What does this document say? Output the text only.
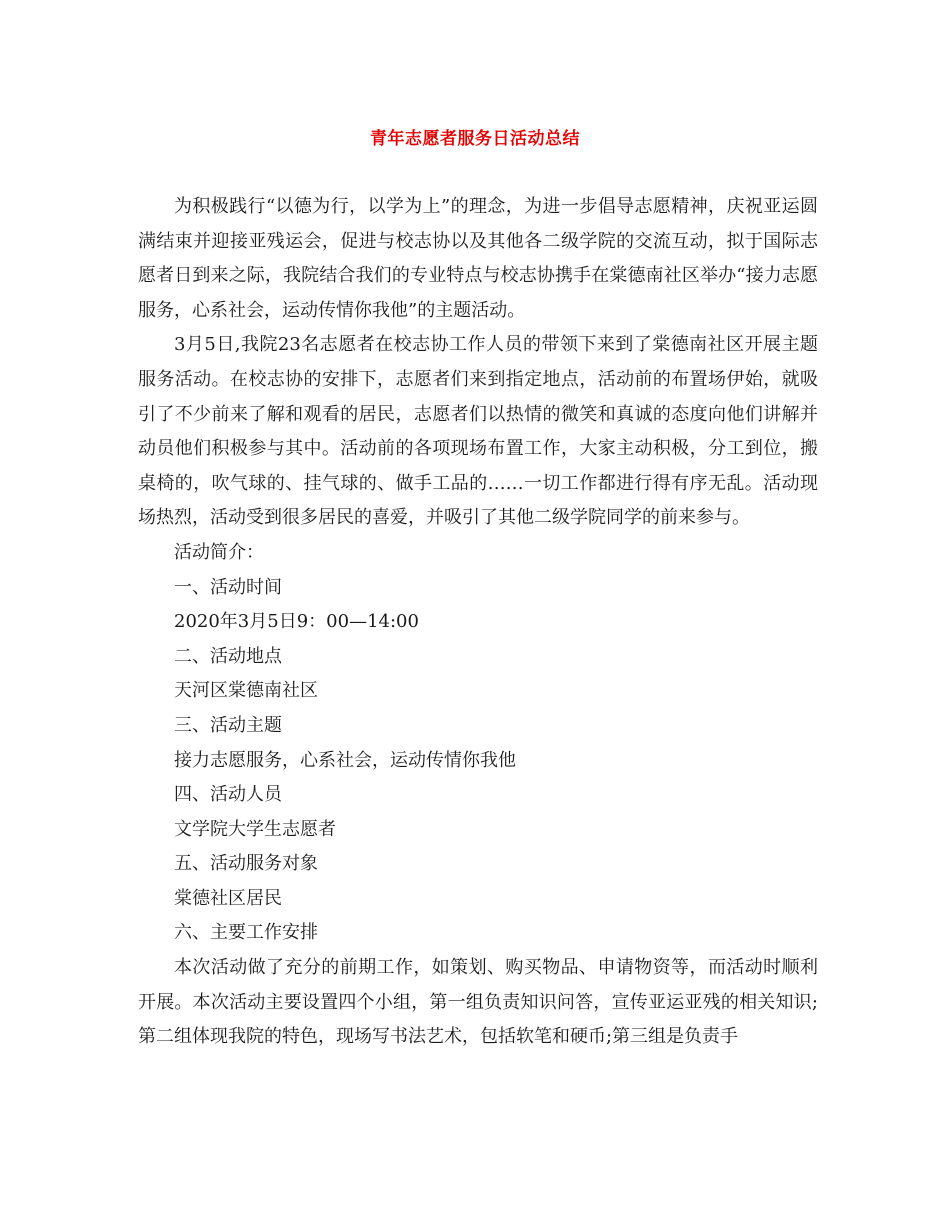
青年志愿者服务日活动总结

为积极践行“以德为行，以学为上”的理念，为进一步倡导志愿精神，庆祝亚运圆满结束并迎接亚残运会，促进与校志协以及其他各二级学院的交流互动，拟于国际志愿者日到来之际，我院结合我们的专业特点与校志协携手在棠德南社区举办“接力志愿服务，心系社会，运动传情你我他”的主题活动。

3月5日,我院23名志愿者在校志协工作人员的带领下来到了棠德南社区开展主题服务活动。在校志协的安排下，志愿者们来到指定地点，活动前的布置场伊始，就吸引了不少前来了解和观看的居民，志愿者们以热情的微笑和真诚的态度向他们讲解并动员他们积极参与其中。活动前的各项现场布置工作，大家主动积极，分工到位，搬桌椅的，吹气球的、挂气球的、做手工品的……一切工作都进行得有序无乱。活动现场热烈，活动受到很多居民的喜爱，并吸引了其他二级学院同学的前来参与。

活动简介：

一、活动时间

2020年3月5日9：00—14:00

二、活动地点

天河区棠德南社区

三、活动主题

接力志愿服务，心系社会，运动传情你我他

四、活动人员

文学院大学生志愿者

五、活动服务对象

棠德社区居民

六、主要工作安排

本次活动做了充分的前期工作，如策划、购买物品、申请物资等，而活动时顺利开展。本次活动主要设置四个小组，第一组负责知识问答，宣传亚运亚残的相关知识;第二组体现我院的特色，现场写书法艺术，包括软笔和硬币;第三组是负责手
